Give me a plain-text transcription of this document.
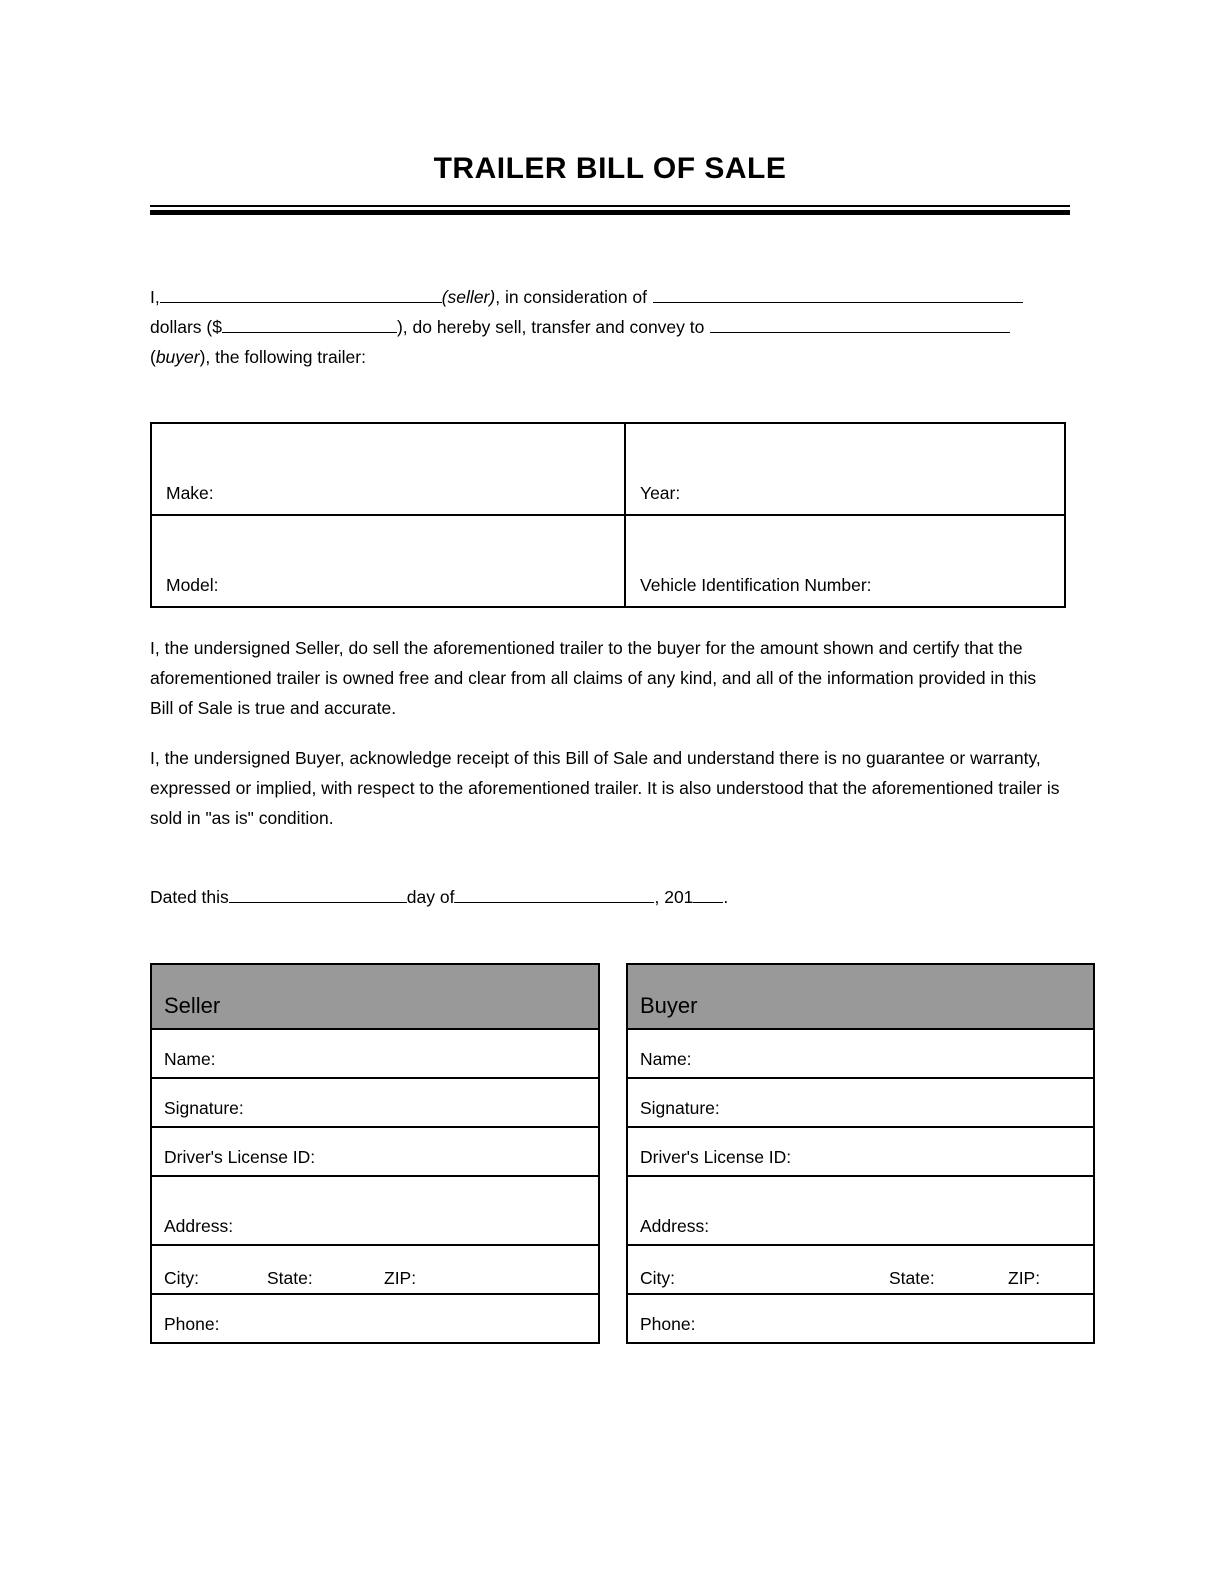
TRAILER BILL OF SALE
I,	(seller), in consideration of
dollars ($	), do hereby sell, transfer and convey to
(buyer), the following trailer:
Make:	Year:
Model:	Vehicle Identification Number:
I, the undersigned Seller, do sell the aforementioned trailer to the buyer for the amount shown and certify that the aforementioned trailer is owned free and clear from all claims of any kind, and all of the information provided in this Bill of Sale is true and accurate.
I, the undersigned Buyer, acknowledge receipt of this Bill of Sale and understand there is no guarantee or warranty, expressed or implied, with respect to the aforementioned trailer. It is also understood that the aforementioned trailer is sold in "as is" condition.
Dated this	day of	, 201 .
Seller
Name:
Signature:
Driver's License ID:
Address:

City:	State:	ZIP:

Phone:
Buyer
Name:
Signature:
Driver's License ID:
Address:

City:	State:	ZIP:

Phone:
